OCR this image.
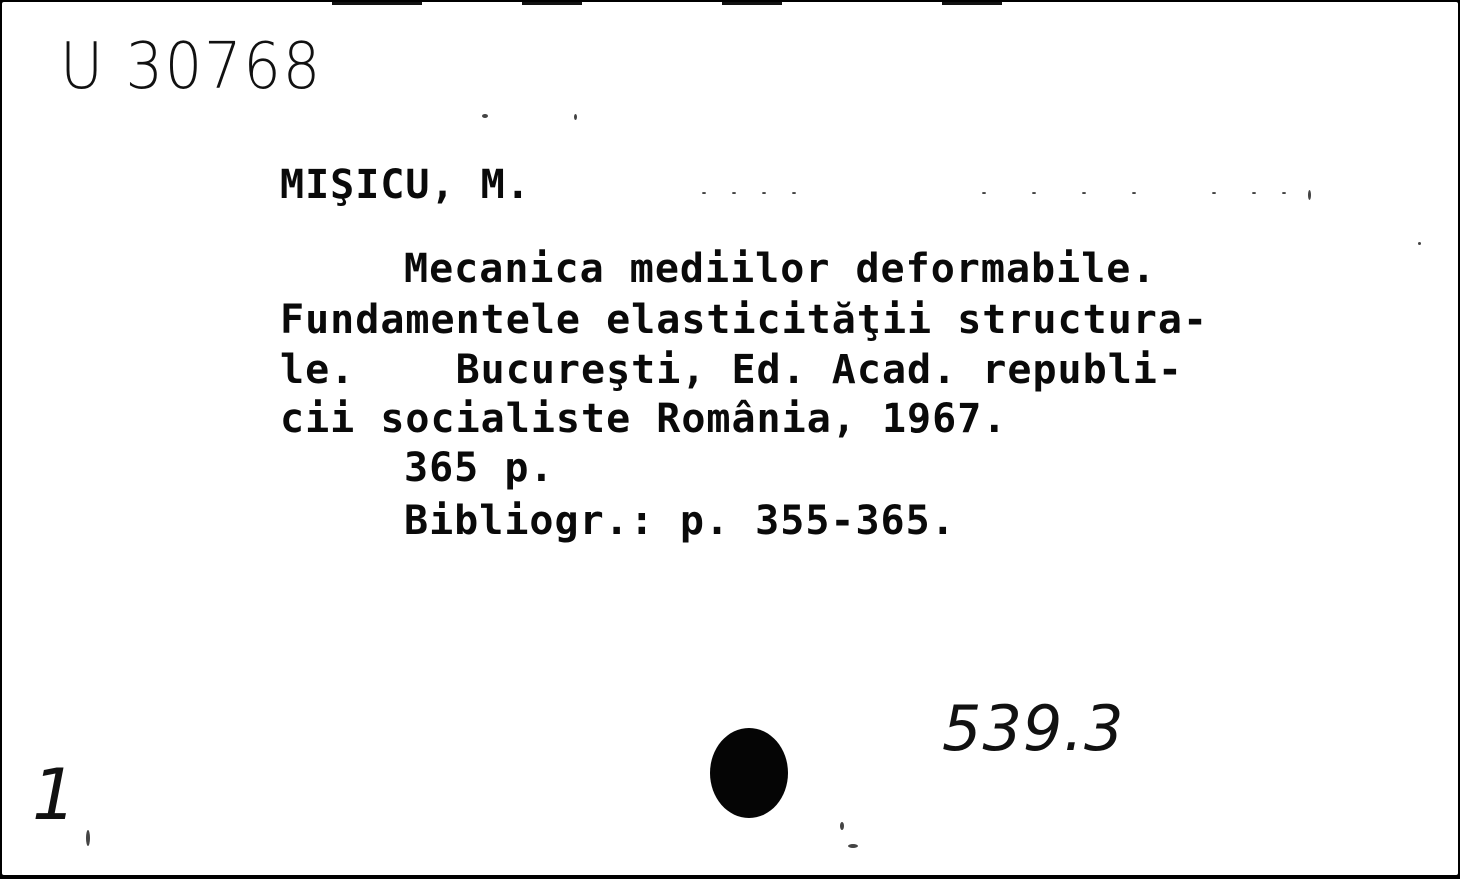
U 30768
MIŞICU, M.
Mecanica mediilor deformabile.
Fundamentele elasticităţii structura-
le.    Bucureşti, Ed. Acad. republi-
cii socialiste România, 1967.
365 p.
Bibliogr.: p. 355-365.
539.3
1
